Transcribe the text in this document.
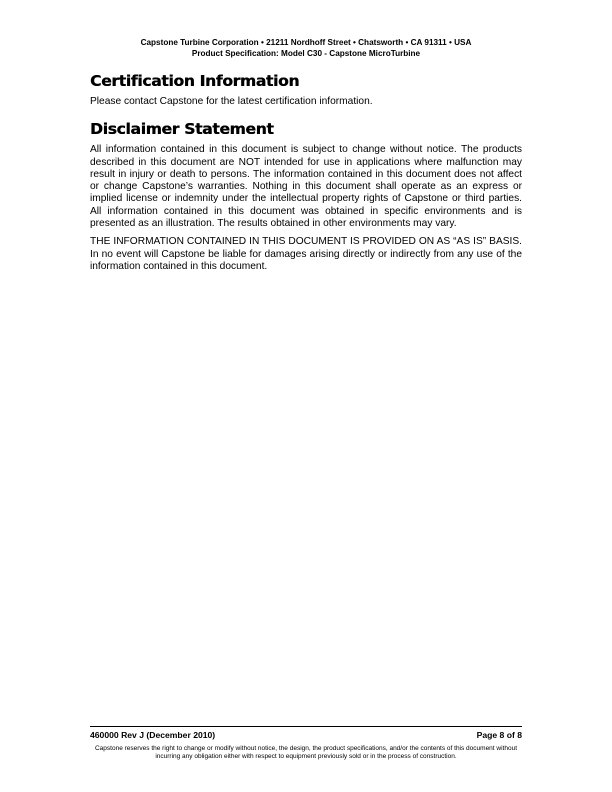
Capstone Turbine Corporation • 21211 Nordhoff Street • Chatsworth • CA 91311 • USA
Product Specification: Model C30 - Capstone MicroTurbine
Certification Information

Please contact Capstone for the latest certification information.

Disclaimer Statement

All information contained in this document is subject to change without notice. The products described in this document are NOT intended for use in applications where malfunction may result in injury or death to persons. The information contained in this document does not affect or change Capstone’s warranties. Nothing in this document shall operate as an express or implied license or indemnity under the intellectual property rights of Capstone or third parties. All information contained in this document was obtained in specific environments and is presented as an illustration. The results obtained in other environments may vary.

THE INFORMATION CONTAINED IN THIS DOCUMENT IS PROVIDED ON AS “AS IS” BASIS. In no event will Capstone be liable for damages arising directly or indirectly from any use of the information contained in this document.

460000 Rev J (December 2010)	Page 8 of 8
Capstone reserves the right to change or modify without notice, the design, the product specifications, and/or the contents of this document without incurring any obligation either with respect to equipment previously sold or in the process of construction.
